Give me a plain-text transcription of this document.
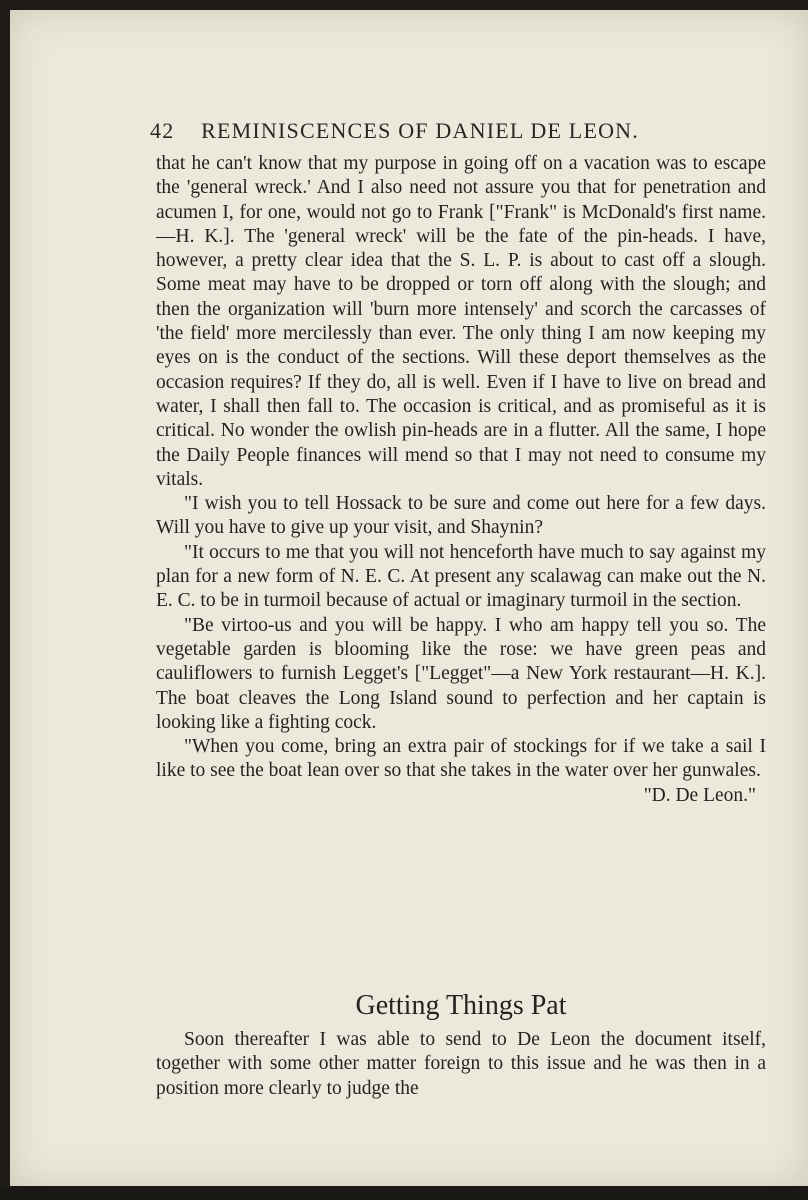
42 REMINISCENCES OF DANIEL DE LEON.

that he can't know that my purpose in going off on a vacation was to escape the 'general wreck.' And I also need not assure you that for penetration and acumen I, for one, would not go to Frank ["Frank" is McDonald's first name.—H. K.]. The 'general wreck' will be the fate of the pin-heads. I have, however, a pretty clear idea that the S. L. P. is about to cast off a slough. Some meat may have to be dropped or torn off along with the slough; and then the organization will 'burn more intensely' and scorch the carcasses of 'the field' more mercilessly than ever. The only thing I am now keeping my eyes on is the conduct of the sections. Will these deport themselves as the occasion requires? If they do, all is well. Even if I have to live on bread and water, I shall then fall to. The occasion is critical, and as promiseful as it is critical. No wonder the owlish pin-heads are in a flutter. All the same, I hope the Daily People finances will mend so that I may not need to consume my vitals.

"I wish you to tell Hossack to be sure and come out here for a few days. Will you have to give up your visit, and Shaynin?

"It occurs to me that you will not henceforth have much to say against my plan for a new form of N. E. C. At present any scalawag can make out the N. E. C. to be in turmoil because of actual or imaginary turmoil in the section.

"Be virtoo-us and you will be happy. I who am happy tell you so. The vegetable garden is blooming like the rose: we have green peas and cauliflowers to furnish Legget's ["Legget"—a New York restaurant—H. K.]. The boat cleaves the Long Island sound to perfection and her captain is looking like a fighting cock.

"When you come, bring an extra pair of stockings for if we take a sail I like to see the boat lean over so that she takes in the water over her gunwales.

"D. De Leon."

Getting Things Pat

Soon thereafter I was able to send to De Leon the document itself, together with some other matter foreign to this issue and he was then in a position more clearly to judge the
